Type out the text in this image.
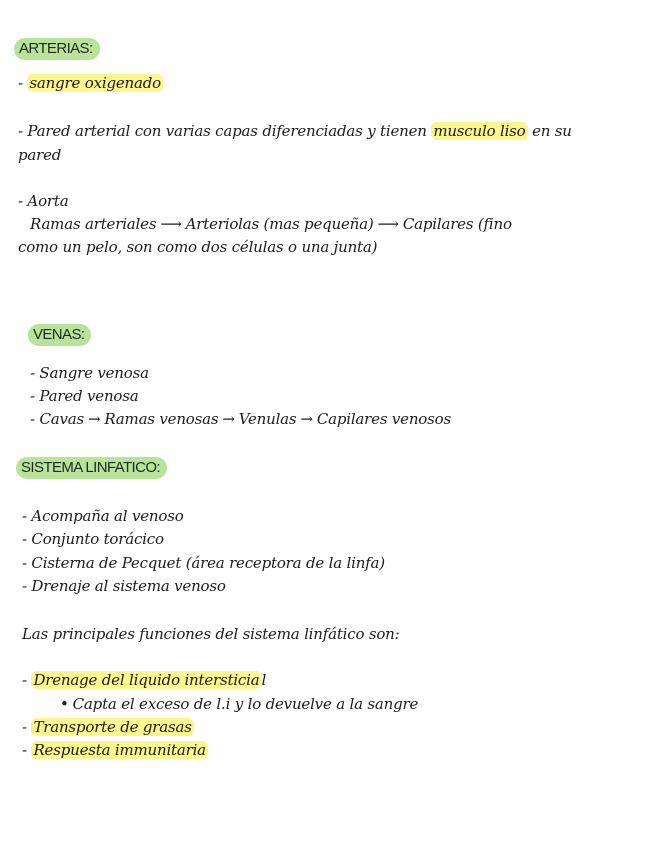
ARTERIAS:
- sangre oxigenado
- Pared arterial con varias capas diferenciadas y tienen musculo liso en su
pared
- Aorta
Ramas arteriales ⟶ Arteriolas (mas pequeña) ⟶ Capilares (fino
como un pelo, son como dos células o una junta)
VENAS:
- Sangre venosa
- Pared venosa
- Cavas → Ramas venosas → Venulas → Capilares venosos
SISTEMA LINFATICO:
- Acompaña al venoso
- Conjunto torácico
- Cisterna de Pecquet (área receptora de la linfa)
- Drenaje al sistema venoso
Las principales funciones del sistema linfático son:
- Drenage del liquido intersticia l
• Capta el exceso de l.i y lo devuelve a la sangre
- Transporte de grasas
- Respuesta immunitaria
